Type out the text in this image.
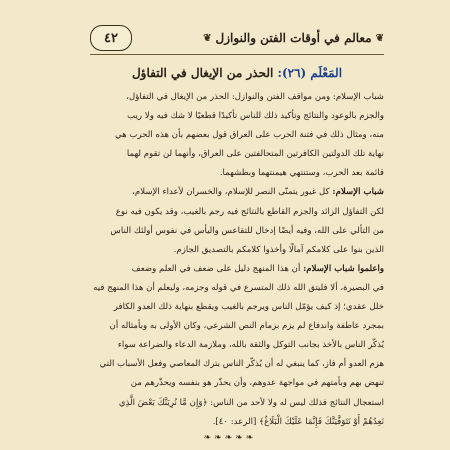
❦
معالم في أوقات الفتن والنوازل
❦
٤٢
المَعْلَم (٢٦): الحذر من الإيغال في التفاؤل

شباب الإسلام: ومن مواقف الفتن والنوازل: الحذر من الإيغال في التفاؤل،

والجزم بالوعود والنتائج وتأكيد ذلك للناس تأكيدًا قطعيًا لا شك فيه ولا ريب

منه، ومثال ذلك في فتنة الحرب على العراق قول بعضهم بأن هذه الحرب هي

نهاية تلك الدولتين الكافرتين المتحالفتين على العراق، وأنهما لن تقوم لهما

قائمة بعد الحرب، وستنتهي هيمنتهما وبطشهما.

شباب الإسلام: كل غيور يتمنّى النصر للإسلام، والخسران لأعداء الإسلام،

لكن التفاؤل الزائد والجزم القاطع بالنتائج فيه رجم بالغيب، وقد يكون فيه نوع

من التألي على الله، وفيه أيضًا إدخال للتقاعس واليأس في نفوس أولئك الناس

الذين بنوا على كلامكم آمالًا وأخذوا كلامكم بالتصديق الجازم.

واعلموا شباب الإسلام: أن هذا المنهج دليل على ضعف في العلم وضعف

في البصيرة، ألا فليتق الله ذلك المتسرع في قوله وجزمه، وليعلم أن هذا المنهج فيه

خلل عقدي؛ إذ كيف يؤمّل الناس ويرجم بالغيب ويقطع بنهاية ذلك العدو الكافر

بمجرد عاطفة واندفاع لم يزم بزمام النص الشرعي، وكان الأولى به وبأمثاله أن

يُذكّر الناس بالأخذ بجانب التوكل والثقة بالله، وملازمة الدعاء والضراعة سواء

هزم العدو أم فاز، كما ينبغي له أن يُذكّر الناس بترك المعاصي وفعل الأسباب التي

تنهض بهم وبأمتهم في مواجهة عدوهم، وأن يحذّر هو بنفسه ويحذّرهم من

استعجال النتائج فذلك ليس له ولا لأحد من الناس: ﴿وَإِن مَّا نُرِيَنَّكَ بَعْضَ الَّذِي

نَعِدُهُمْ أَوْ نَتَوَفَّيَنَّكَ فَإِنَّمَا عَلَيْكَ الْبَلَاغُ﴾ [الرعد: ٤٠].

❧❧❧❧❧
